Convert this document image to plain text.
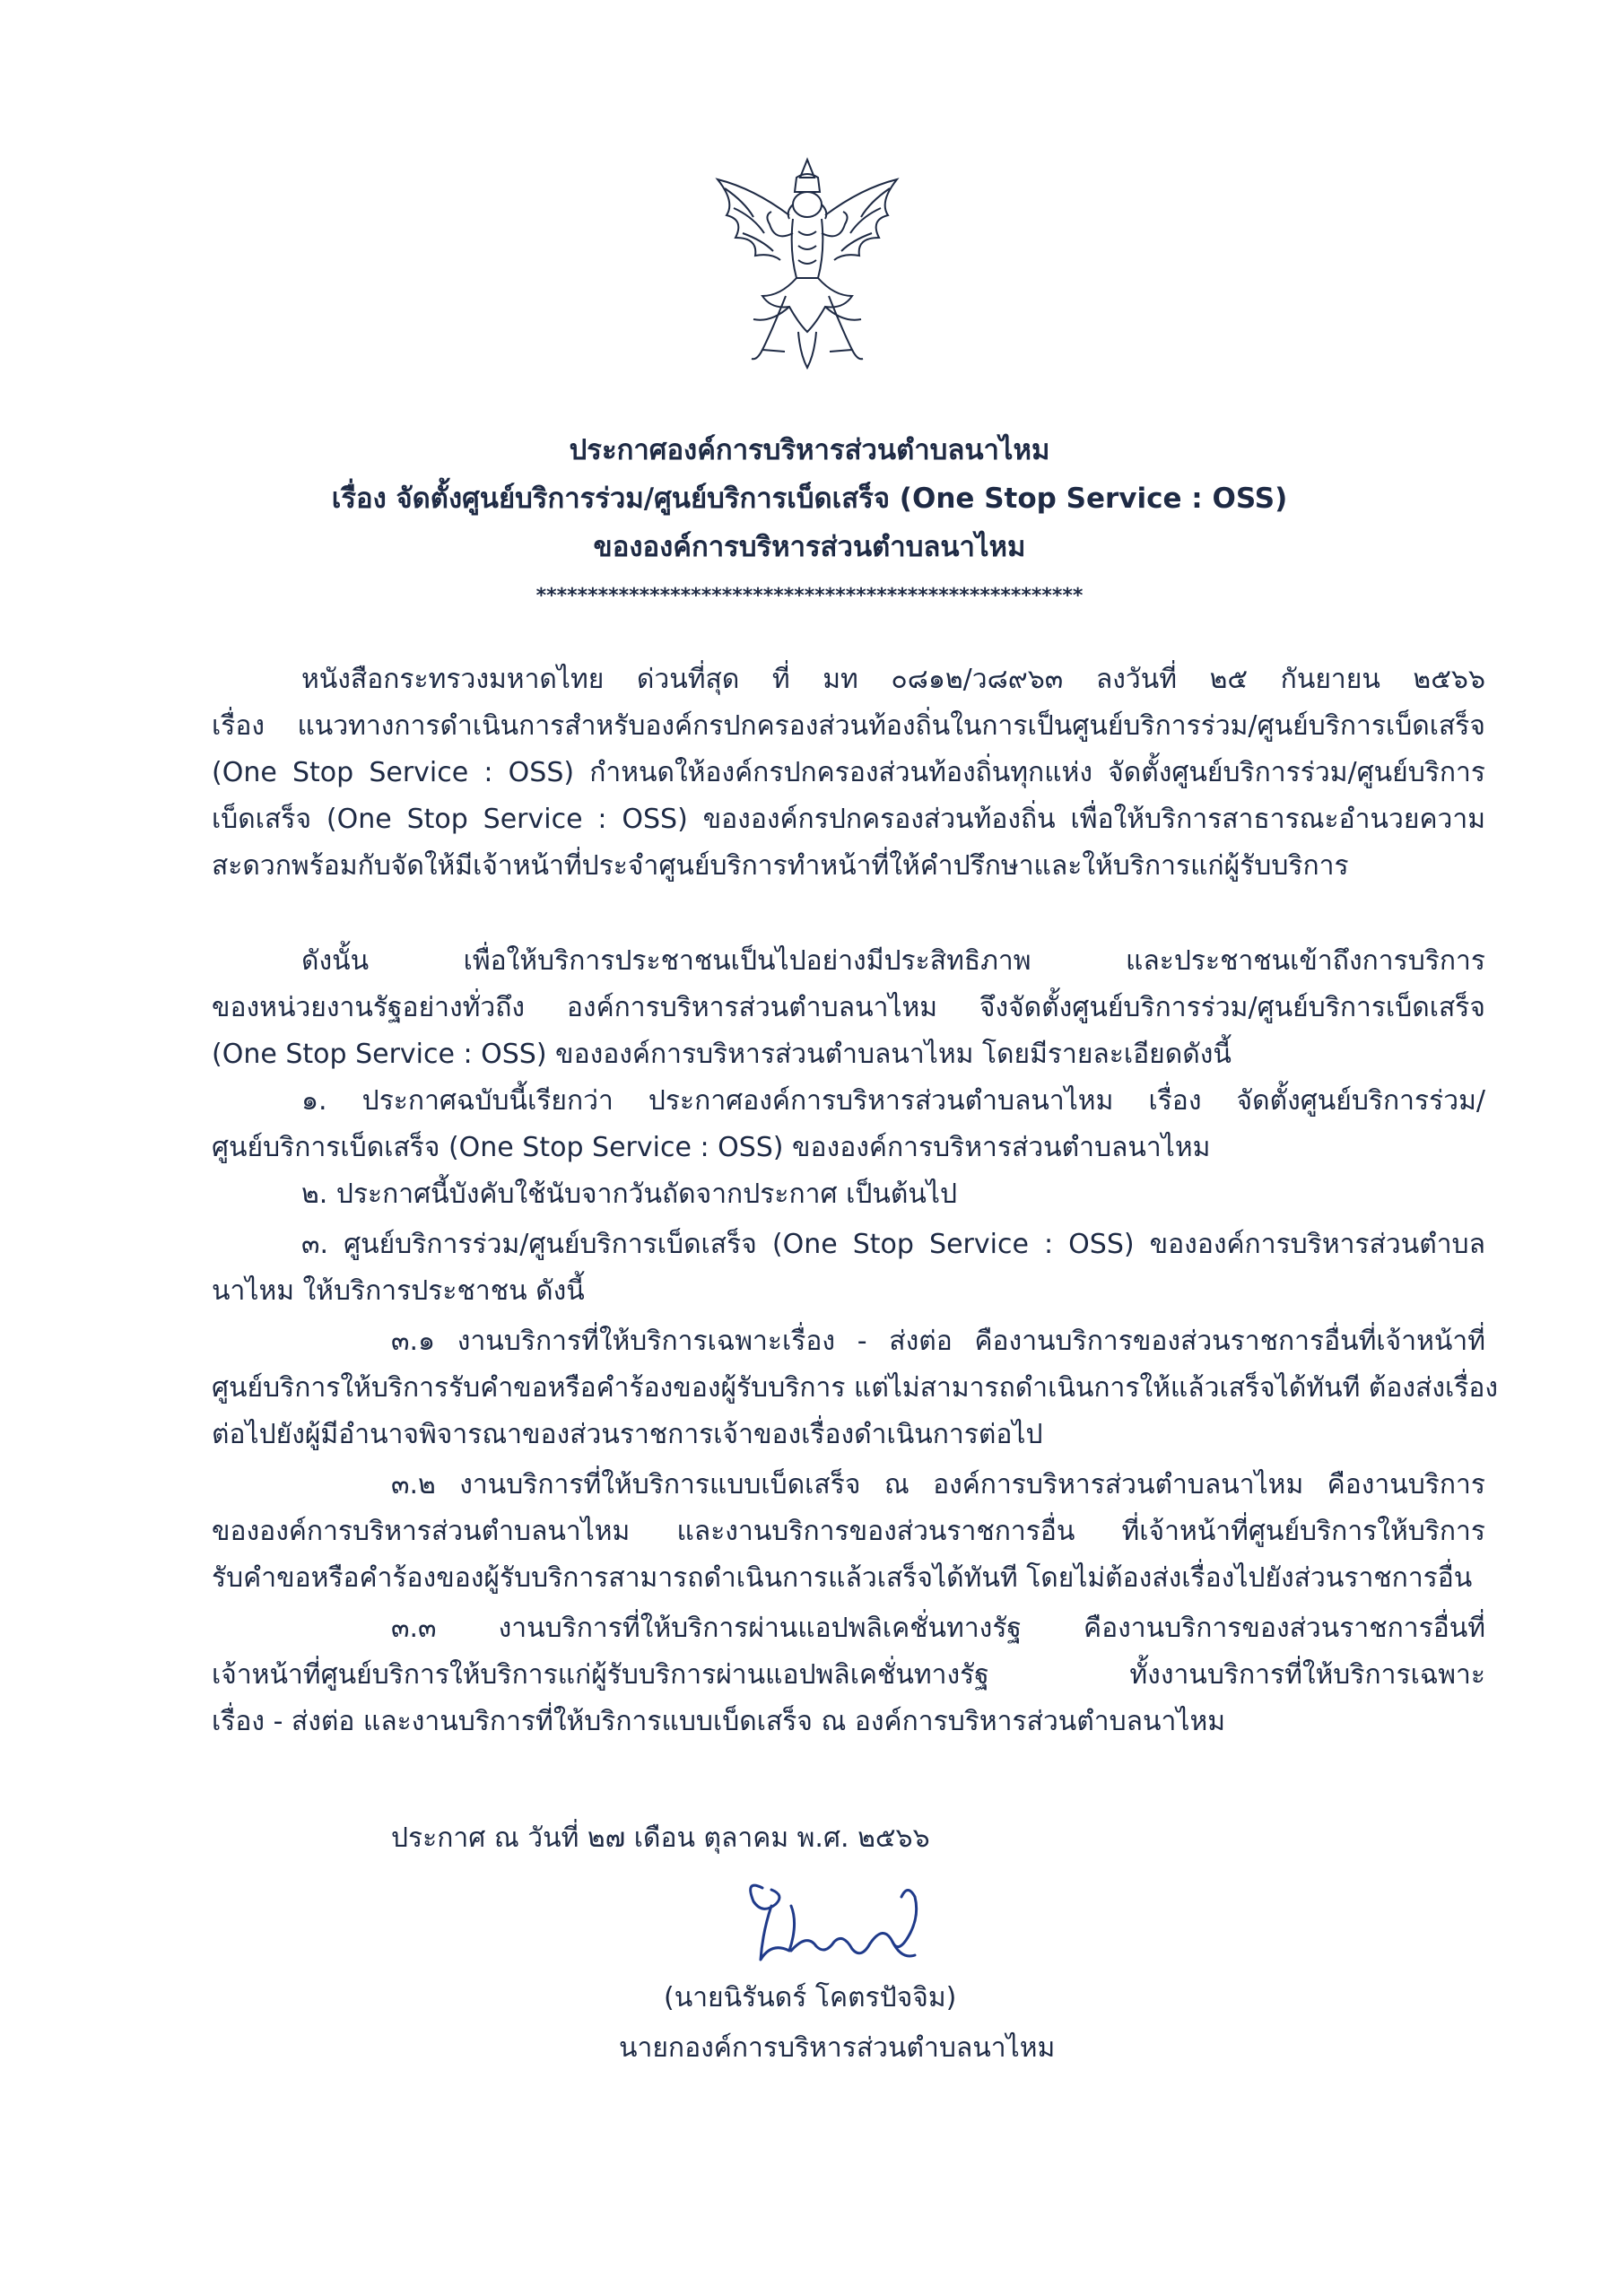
ประกาศองค์การบริหารส่วนตำบลนาไหม
เรื่อง จัดตั้งศูนย์บริการร่วม/ศูนย์บริการเบ็ดเสร็จ (One Stop Service : OSS)
ขององค์การบริหารส่วนตำบลนาไหม
*****************************************************
หนังสือกระทรวงมหาดไทย ด่วนที่สุด ที่ มท ๐๘๑๒/ว๘๙๖๓ ลงวันที่ ๒๕ กันยายน ๒๕๖๖
เรื่อง แนวทางการดำเนินการสำหรับองค์กรปกครองส่วนท้องถิ่นในการเป็นศูนย์บริการร่วม/ศูนย์บริการเบ็ดเสร็จ
(One Stop Service : OSS) กำหนดให้องค์กรปกครองส่วนท้องถิ่นทุกแห่ง จัดตั้งศูนย์บริการร่วม/ศูนย์บริการ
เบ็ดเสร็จ (One Stop Service : OSS) ขององค์กรปกครองส่วนท้องถิ่น เพื่อให้บริการสาธารณะอำนวยความ
สะดวกพร้อมกับจัดให้มีเจ้าหน้าที่ประจำศูนย์บริการทำหน้าที่ให้คำปรึกษาและให้บริการแก่ผู้รับบริการ
ดังนั้น เพื่อให้บริการประชาชนเป็นไปอย่างมีประสิทธิภาพ และประชาชนเข้าถึงการบริการ
ของหน่วยงานรัฐอย่างทั่วถึง องค์การบริหารส่วนตำบลนาไหม จึงจัดตั้งศูนย์บริการร่วม/ศูนย์บริการเบ็ดเสร็จ
(One Stop Service : OSS) ขององค์การบริหารส่วนตำบลนาไหม โดยมีรายละเอียดดังนี้
๑. ประกาศฉบับนี้เรียกว่า ประกาศองค์การบริหารส่วนตำบลนาไหม เรื่อง จัดตั้งศูนย์บริการร่วม/
ศูนย์บริการเบ็ดเสร็จ (One Stop Service : OSS) ขององค์การบริหารส่วนตำบลนาไหม
๒. ประกาศนี้บังคับใช้นับจากวันถัดจากประกาศ เป็นต้นไป
๓. ศูนย์บริการร่วม/ศูนย์บริการเบ็ดเสร็จ (One Stop Service : OSS) ขององค์การบริหารส่วนตำบล
นาไหม ให้บริการประชาชน ดังนี้
๓.๑ งานบริการที่ให้บริการเฉพาะเรื่อง - ส่งต่อ คืองานบริการของส่วนราชการอื่นที่เจ้าหน้าที่
ศูนย์บริการให้บริการรับคำขอหรือคำร้องของผู้รับบริการ แต่ไม่สามารถดำเนินการให้แล้วเสร็จได้ทันที ต้องส่งเรื่อง
ต่อไปยังผู้มีอำนาจพิจารณาของส่วนราชการเจ้าของเรื่องดำเนินการต่อไป
๓.๒ งานบริการที่ให้บริการแบบเบ็ดเสร็จ ณ องค์การบริหารส่วนตำบลนาไหม คืองานบริการ
ขององค์การบริหารส่วนตำบลนาไหม และงานบริการของส่วนราชการอื่น ที่เจ้าหน้าที่ศูนย์บริการให้บริการ
รับคำขอหรือคำร้องของผู้รับบริการสามารถดำเนินการแล้วเสร็จได้ทันที โดยไม่ต้องส่งเรื่องไปยังส่วนราชการอื่น
๓.๓ งานบริการที่ให้บริการผ่านแอปพลิเคชั่นทางรัฐ คืองานบริการของส่วนราชการอื่นที่
เจ้าหน้าที่ศูนย์บริการให้บริการแก่ผู้รับบริการผ่านแอปพลิเคชั่นทางรัฐ ทั้งงานบริการที่ให้บริการเฉพาะ
เรื่อง - ส่งต่อ และงานบริการที่ให้บริการแบบเบ็ดเสร็จ ณ องค์การบริหารส่วนตำบลนาไหม
ประกาศ ณ วันที่ ๒๗ เดือน ตุลาคม พ.ศ. ๒๕๖๖
(นายนิรันดร์ โคตรปัจจิม)
นายกองค์การบริหารส่วนตำบลนาไหม
